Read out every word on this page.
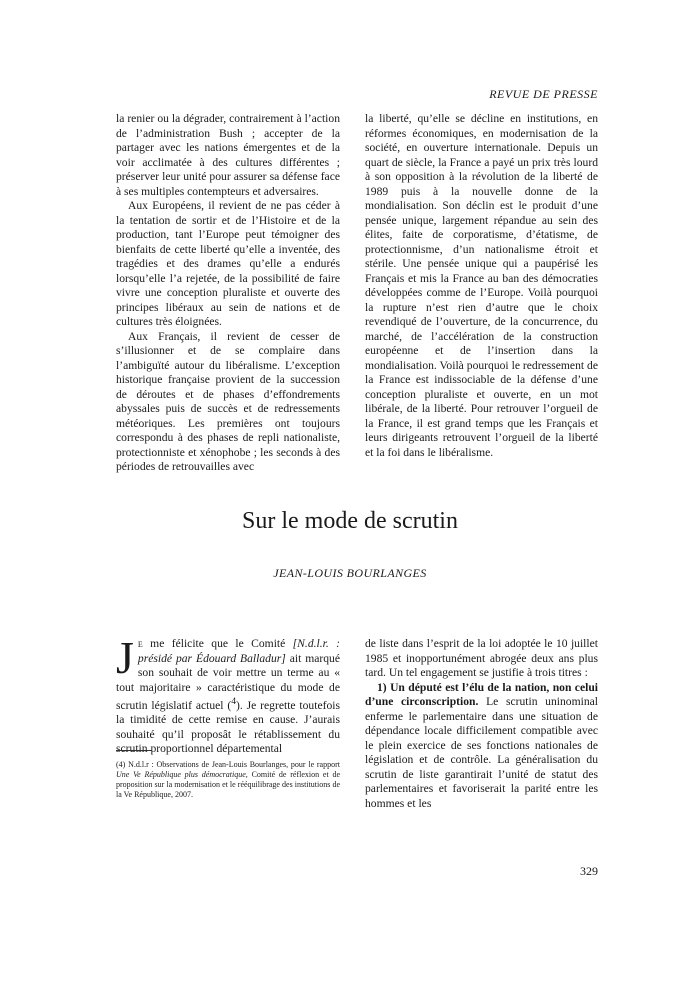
REVUE DE PRESSE

la renier ou la dégrader, contrairement à l’action de l’administration Bush ; accepter de la partager avec les nations émergentes et de la voir acclimatée à des cultures différentes ; préserver leur unité pour assurer sa défense face à ses multiples contempteurs et adversaires.

Aux Européens, il revient de ne pas céder à la tentation de sortir et de l’Histoire et de la production, tant l’Europe peut témoigner des bienfaits de cette liberté qu’elle a inventée, des tragédies et des drames qu’elle a endurés lorsqu’elle l’a rejetée, de la possibilité de faire vivre une conception pluraliste et ouverte des principes libéraux au sein de nations et de cultures très éloignées.

Aux Français, il revient de cesser de s’illusionner et de se complaire dans l’ambiguïté autour du libéralisme. L’exception historique française provient de la succession de déroutes et de phases d’effondrements abyssales puis de succès et de redressements météoriques. Les premières ont toujours correspondu à des phases de repli nationaliste, protectionniste et xénophobe ; les seconds à des périodes de retrouvailles avec

la liberté, qu’elle se décline en institutions, en réformes économiques, en modernisation de la société, en ouverture internationale. Depuis un quart de siècle, la France a payé un prix très lourd à son opposition à la révolution de la liberté de 1989 puis à la nouvelle donne de la mondialisation. Son déclin est le produit d’une pensée unique, largement répandue au sein des élites, faite de corporatisme, d’étatisme, de protectionnisme, d’un nationalisme étroit et stérile. Une pensée unique qui a paupérisé les Français et mis la France au ban des démocraties développées comme de l’Europe. Voilà pourquoi la rupture n’est rien d’autre que le choix revendiqué de l’ouverture, de la concurrence, du marché, de l’accélération de la construction européenne et de l’insertion dans la mondialisation. Voilà pourquoi le redressement de la France est indissociable de la défense d’une conception pluraliste et ouverte, en un mot libérale, de la liberté. Pour retrouver l’orgueil de la France, il est grand temps que les Français et leurs dirigeants retrouvent l’orgueil de la liberté et la foi dans le libéralisme.

Sur le mode de scrutin
JEAN-LOUIS BOURLANGES

Je me félicite que le Comité [N.d.l.r. : présidé par Édouard Balladur] ait marqué son souhait de voir mettre un terme au « tout majoritaire » caractéristique du mode de scrutin législatif actuel ($^4$). Je regrette toutefois la timidité de cette remise en cause. J’aurais souhaité qu’il proposât le rétablissement du scrutin proportionnel départemental

de liste dans l’esprit de la loi adoptée le 10 juillet 1985 et inopportunément abrogée deux ans plus tard. Un tel engagement se justifie à trois titres :

1) Un député est l’élu de la nation, non celui d’une circonscription. Le scrutin uninominal enferme le parlementaire dans une situation de dépendance locale difficilement compatible avec le plein exercice de ses fonctions nationales de législation et de contrôle. La généralisation du scrutin de liste garantirait l’unité de statut des parlementaires et favoriserait la parité entre les hommes et les

(4) N.d.l.r : Observations de Jean-Louis Bourlanges, pour le rapport Une Ve République plus démocratique, Comité de réflexion et de proposition sur la modernisation et le rééquilibrage des institutions de la Ve République, 2007.
329
